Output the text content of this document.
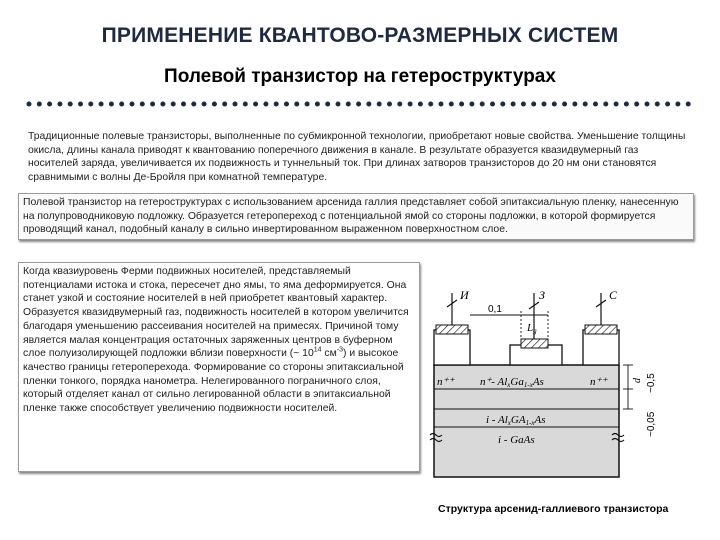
ПРИМЕНЕНИЕ КВАНТОВО-РАЗМЕРНЫХ СИСТЕМ
Полевой транзистор на гетероструктурах
Традиционные полевые транзисторы, выполненные по субмикронной технологии, приобретают новые свойства. Уменьшение толщины окисла, длины канала приводят к квантованию поперечного движения в канале. В результате образуется квазидвумерный газ носителей заряда, увеличивается их подвижность и туннельный ток. При длинах затворов транзисторов до 20 нм они становятся сравнимыми с волны Де-Бройля при комнатной температуре.
Полевой транзистор на гетероструктурах с использованием арсенида галлия представляет собой эпитаксиальную пленку, нанесенную на полупроводниковую подложку. Образуется гетеропереход с потенциальной ямой со стороны подложки, в которой формируется проводящий канал, подобный каналу в сильно инвертированном выраженном поверхностном слое.
Когда квазиуровень Ферми подвижных носителей, представляемый потенциалами истока и стока, пересечет дно ямы, то яма деформируется. Она станет узкой и состояние носителей в ней приобретет квантовый характер. Образуется квазидвумерный газ, подвижность носителей в котором увеличится благодаря уменьшению рассеивания носителей на примесях. Причиной тому является малая концентрация остаточных заряженных центров в буферном слое полуизолирующей подложки вблизи поверхности (~ $10^{14}$ $см^{-3}$) и высокое качество границы гетероперехода. Формирование со стороны эпитаксиальной пленки тонкого, порядка нанометра. Нелегированного пограничного слоя, который отделяет канал от сильно легированной области в эпитаксиальной пленке также способствует увеличению подвижности носителей.
И	З	С
0,1
Lg
n⁺⁺	n⁺⁺
n⁺- AlxGa1-xAs
i - AlxGA1-xAs
i - GaAs
d ~0,5
~0,05
Структура арсенид-галлиевого транзистора
